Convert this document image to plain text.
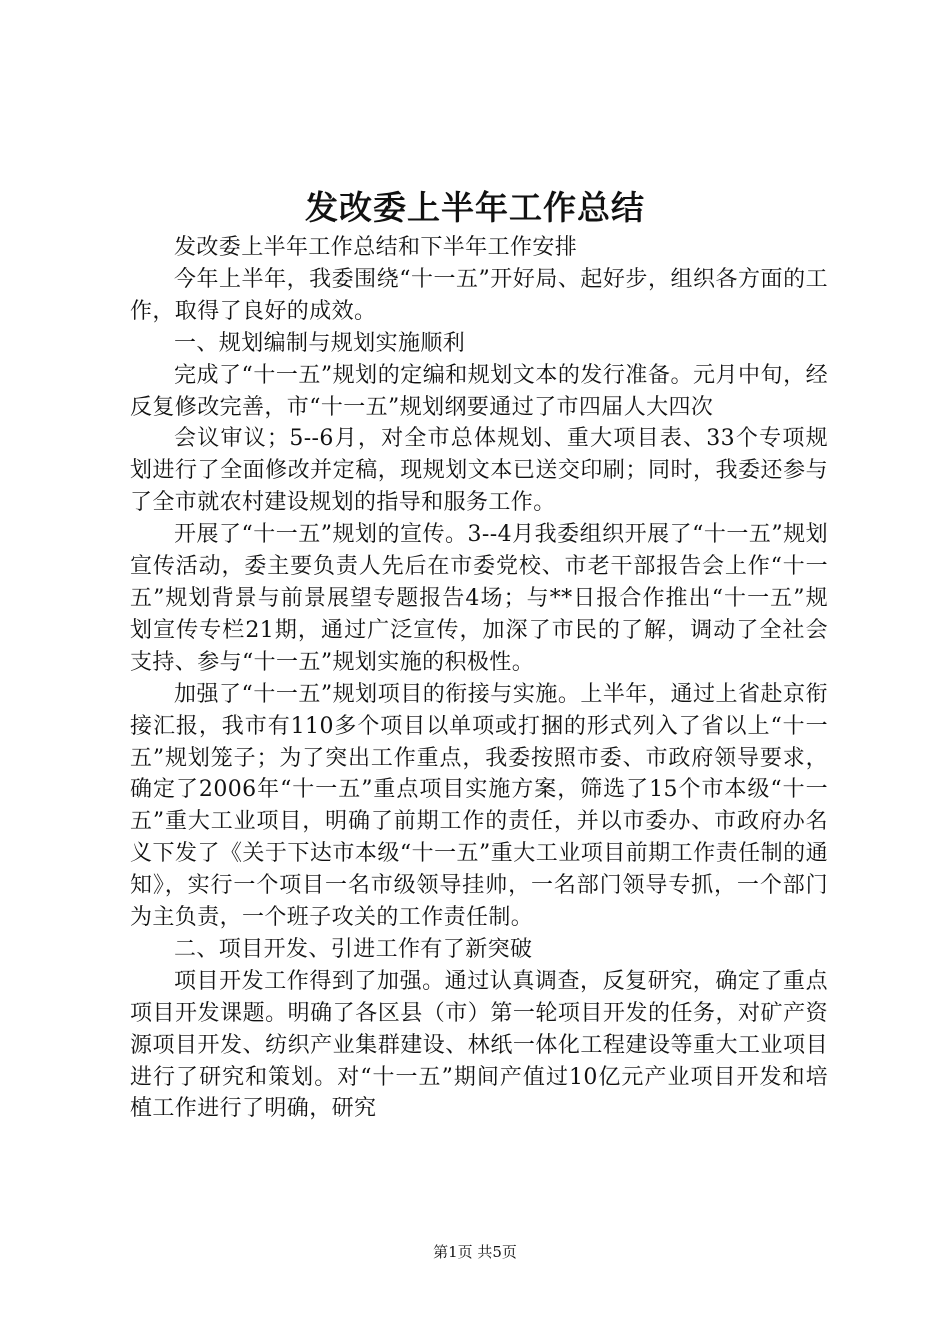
发改委上半年工作总结

发改委上半年工作总结和下半年工作安排

今年上半年，我委围绕“十一五”开好局、起好步，组织各方面的工作，取得了良好的成效。

一、规划编制与规划实施顺利

完成了“十一五”规划的定编和规划文本的发行准备。元月中旬，经反复修改完善，市“十一五”规划纲要通过了市四届人大四次

会议审议；5--6月，对全市总体规划、重大项目表、33个专项规划进行了全面修改并定稿，现规划文本已送交印刷；同时，我委还参与了全市就农村建设规划的指导和服务工作。

开展了“十一五”规划的宣传。3--4月我委组织开展了“十一五”规划宣传活动，委主要负责人先后在市委党校、市老干部报告会上作“十一五”规划背景与前景展望专题报告4场；与**日报合作推出“十一五”规划宣传专栏21期，通过广泛宣传，加深了市民的了解，调动了全社会支持、参与“十一五”规划实施的积极性。

加强了“十一五”规划项目的衔接与实施。上半年，通过上省赴京衔接汇报，我市有110多个项目以单项或打捆的形式列入了省以上“十一五”规划笼子；为了突出工作重点，我委按照市委、市政府领导要求，确定了2006年“十一五”重点项目实施方案，筛选了15个市本级“十一五”重大工业项目，明确了前期工作的责任，并以市委办、市政府办名义下发了《关于下达市本级“十一五”重大工业项目前期工作责任制的通知》，实行一个项目一名市级领导挂帅，一名部门领导专抓，一个部门为主负责，一个班子攻关的工作责任制。

二、项目开发、引进工作有了新突破

项目开发工作得到了加强。通过认真调查，反复研究，确定了重点项目开发课题。明确了各区县（市）第一轮项目开发的任务，对矿产资源项目开发、纺织产业集群建设、林纸一体化工程建设等重大工业项目进行了研究和策划。对“十一五”期间产值过10亿元产业项目开发和培植工作进行了明确，研究

第1页 共5页
